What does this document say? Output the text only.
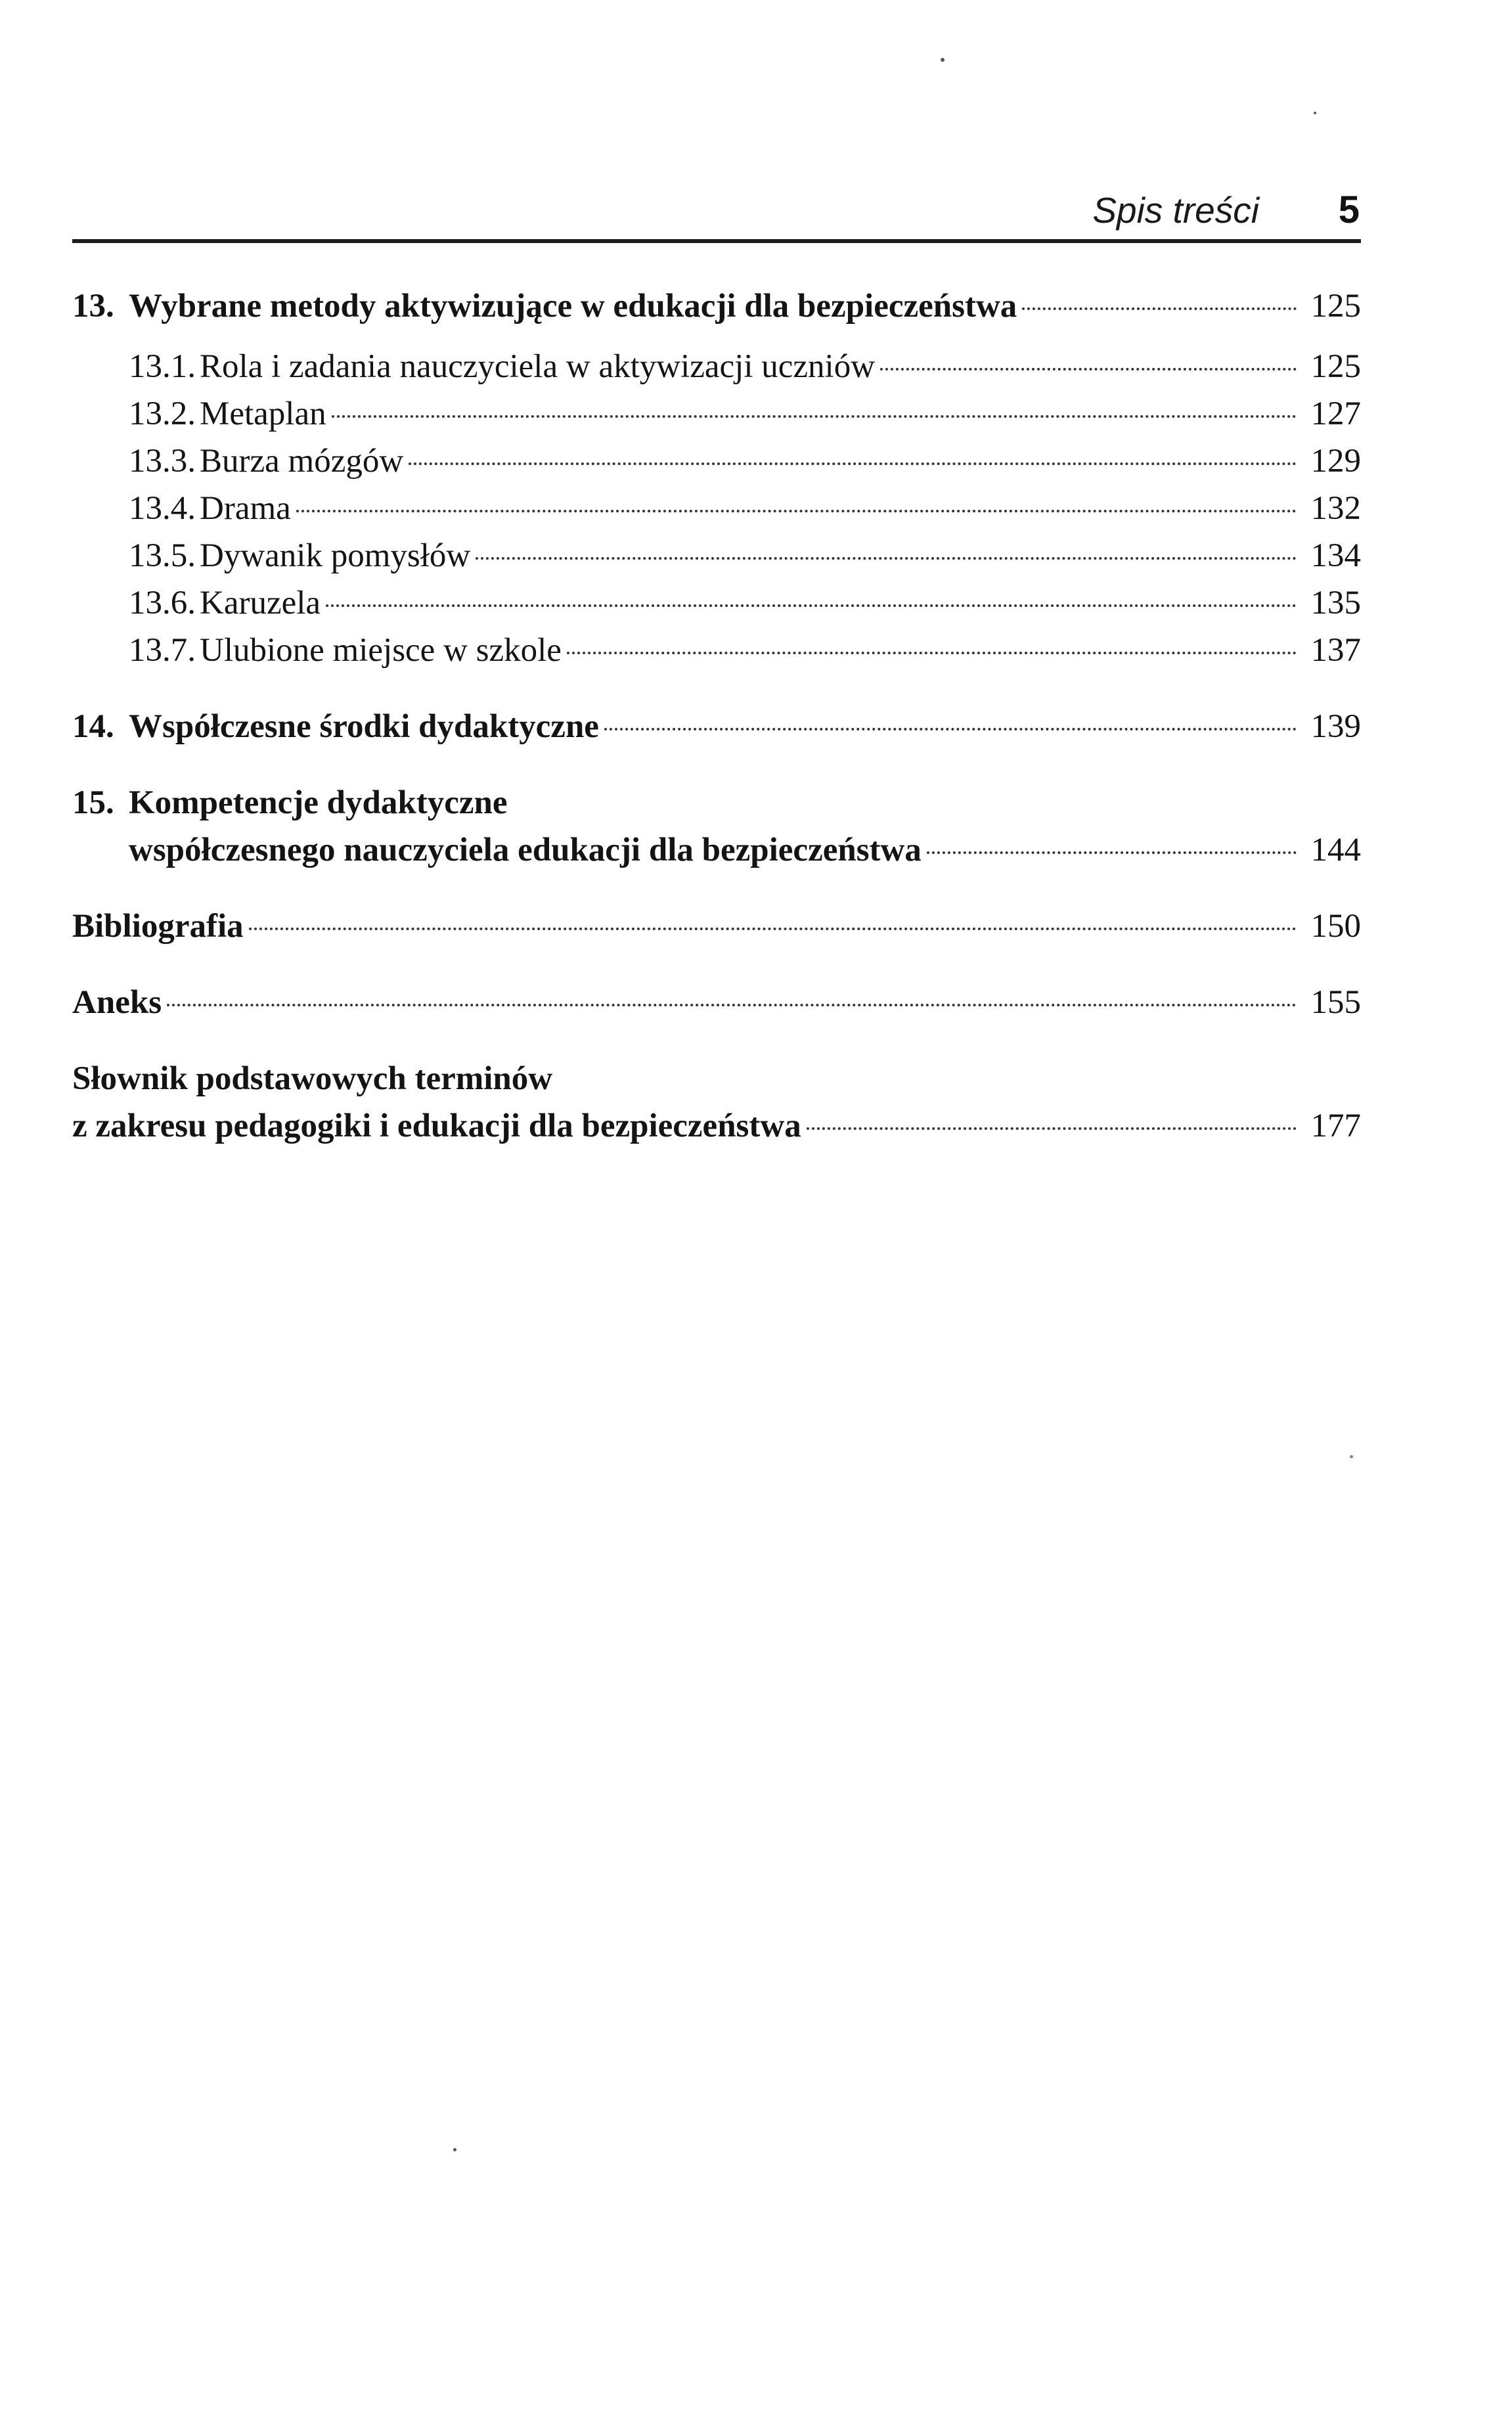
Spis treści 5
13. Wybrane metody aktywizujące w edukacji dla bezpieczeństwa	125
13.1. Rola i zadania nauczyciela w aktywizacji uczniów	125
13.2. Metaplan	127
13.3. Burza mózgów	129
13.4. Drama	132
13.5. Dywanik pomysłów	134
13.6. Karuzela	135
13.7. Ulubione miejsce w szkole	137
14. Współczesne środki dydaktyczne	139
15. Kompetencje dydaktyczne
współczesnego nauczyciela edukacji dla bezpieczeństwa	144
Bibliografia	150
Aneks	155
Słownik podstawowych terminów
z zakresu pedagogiki i edukacji dla bezpieczeństwa	177
